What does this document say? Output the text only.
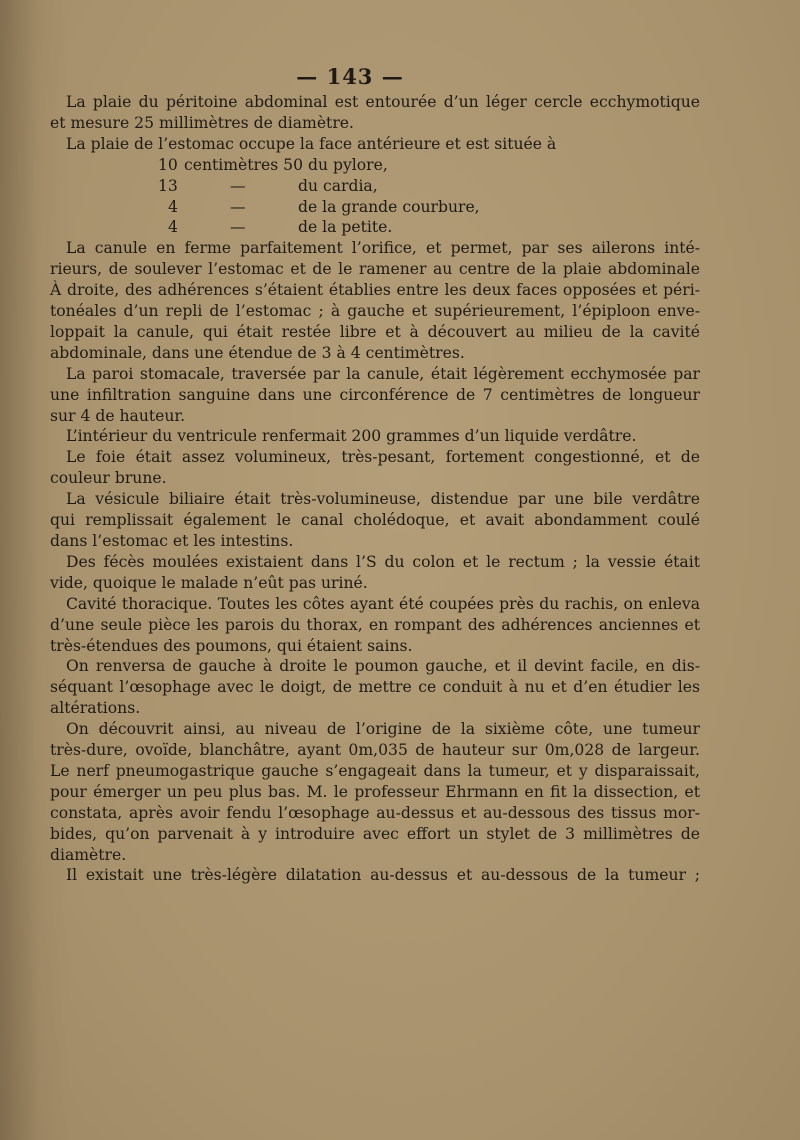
— 143 —
La plaie du péritoine abdominal est entourée d’un léger cercle ecchymotique
et mesure 25 millimètres de diamètre.
La plaie de l’estomac occupe la face antérieure et est située à
10 centimètres 50 du pylore,
13	—	du cardia,
4	—	de la grande courbure,
4	—	de la petite.
La canule en ferme parfaitement l’orifice, et permet, par ses ailerons inté-
rieurs, de soulever l’estomac et de le ramener au centre de la plaie abdominale
À droite, des adhérences s’étaient établies entre les deux faces opposées et péri-
tonéales d’un repli de l’estomac ; à gauche et supérieurement, l’épiploon enve-
loppait la canule, qui était restée libre et à découvert au milieu de la cavité
abdominale, dans une étendue de 3 à 4 centimètres.
La paroi stomacale, traversée par la canule, était légèrement ecchymosée par
une infiltration sanguine dans une circonférence de 7 centimètres de longueur
sur 4 de hauteur.
L’intérieur du ventricule renfermait 200 grammes d’un liquide verdâtre.
Le foie était assez volumineux, très-pesant, fortement congestionné, et de
couleur brune.
La vésicule biliaire était très-volumineuse, distendue par une bile verdâtre
qui remplissait également le canal cholédoque, et avait abondamment coulé
dans l’estomac et les intestins.
Des fécès moulées existaient dans l’S du colon et le rectum ; la vessie était
vide, quoique le malade n’eût pas uriné.
Cavité thoracique. Toutes les côtes ayant été coupées près du rachis, on enleva
d’une seule pièce les parois du thorax, en rompant des adhérences anciennes et
très-étendues des poumons, qui étaient sains.
On renversa de gauche à droite le poumon gauche, et il devint facile, en dis-
séquant l’œsophage avec le doigt, de mettre ce conduit à nu et d’en étudier les
altérations.
On découvrit ainsi, au niveau de l’origine de la sixième côte, une tumeur
très-dure, ovoïde, blanchâtre, ayant 0m,035 de hauteur sur 0m,028 de largeur.
Le nerf pneumogastrique gauche s’engageait dans la tumeur, et y disparaissait,
pour émerger un peu plus bas. M. le professeur Ehrmann en fit la dissection, et
constata, après avoir fendu l’œsophage au-dessus et au-dessous des tissus mor-
bides, qu’on parvenait à y introduire avec effort un stylet de 3 millimètres de
diamètre.
Il existait une très-légère dilatation au-dessus et au-dessous de la tumeur ;
